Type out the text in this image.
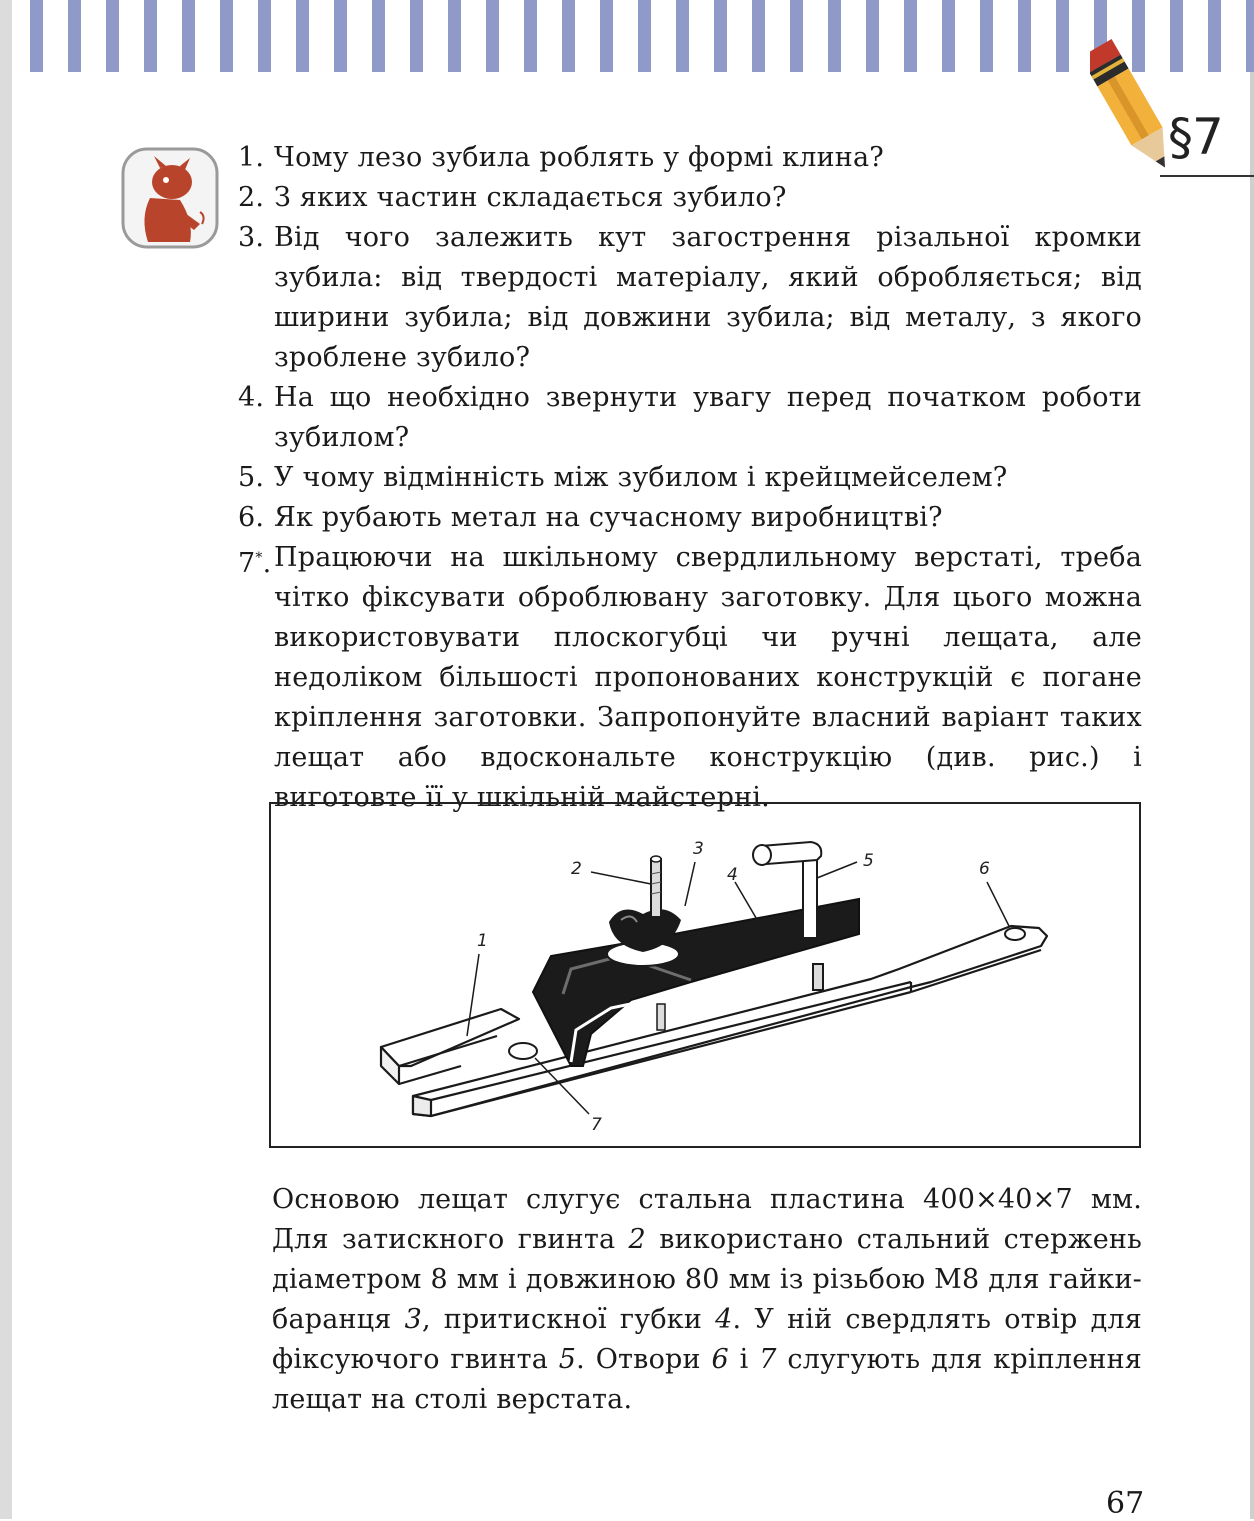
§7
1. Чому лезо зубила роблять у формі клина?
2. З яких частин складається зубило?
3. Від чого залежить кут загострення різальної кромки зубила: від твердості матеріалу, який обробляється; від ширини зубила; від довжини зубила; від металу, з якого зроблене зубило?
4. На що необхідно звернути увагу перед початком роботи зубилом?
5. У чому відмінність між зубилом і крейцмейселем?
6. Як рубають метал на сучасному виробництві?
7*. Працюючи на шкільному свердлильному верстаті, треба чітко фіксувати оброблювану заготовку. Для цього можна використовувати плоскогубці чи ручні лещата, але недоліком більшості пропонованих конструкцій є погане кріплення заготовки. Запропонуйте власний варіант таких лещат або вдоскональте конструкцію (див. рис.) і виготовте її у шкільній майстерні.
1
2
3
4
5	6
7

Основою лещат слугує стальна пластина 400×40×7 мм. Для затискного гвинта 2 використано стальний стержень діаметром 8 мм і довжиною 80 мм із різьбою М8 для гайки-баранця 3, притискної губки 4. У ній свердлять отвір для фіксуючого гвинта 5. Отвори 6 і 7 слугують для кріплення лещат на столі верстата.

67
